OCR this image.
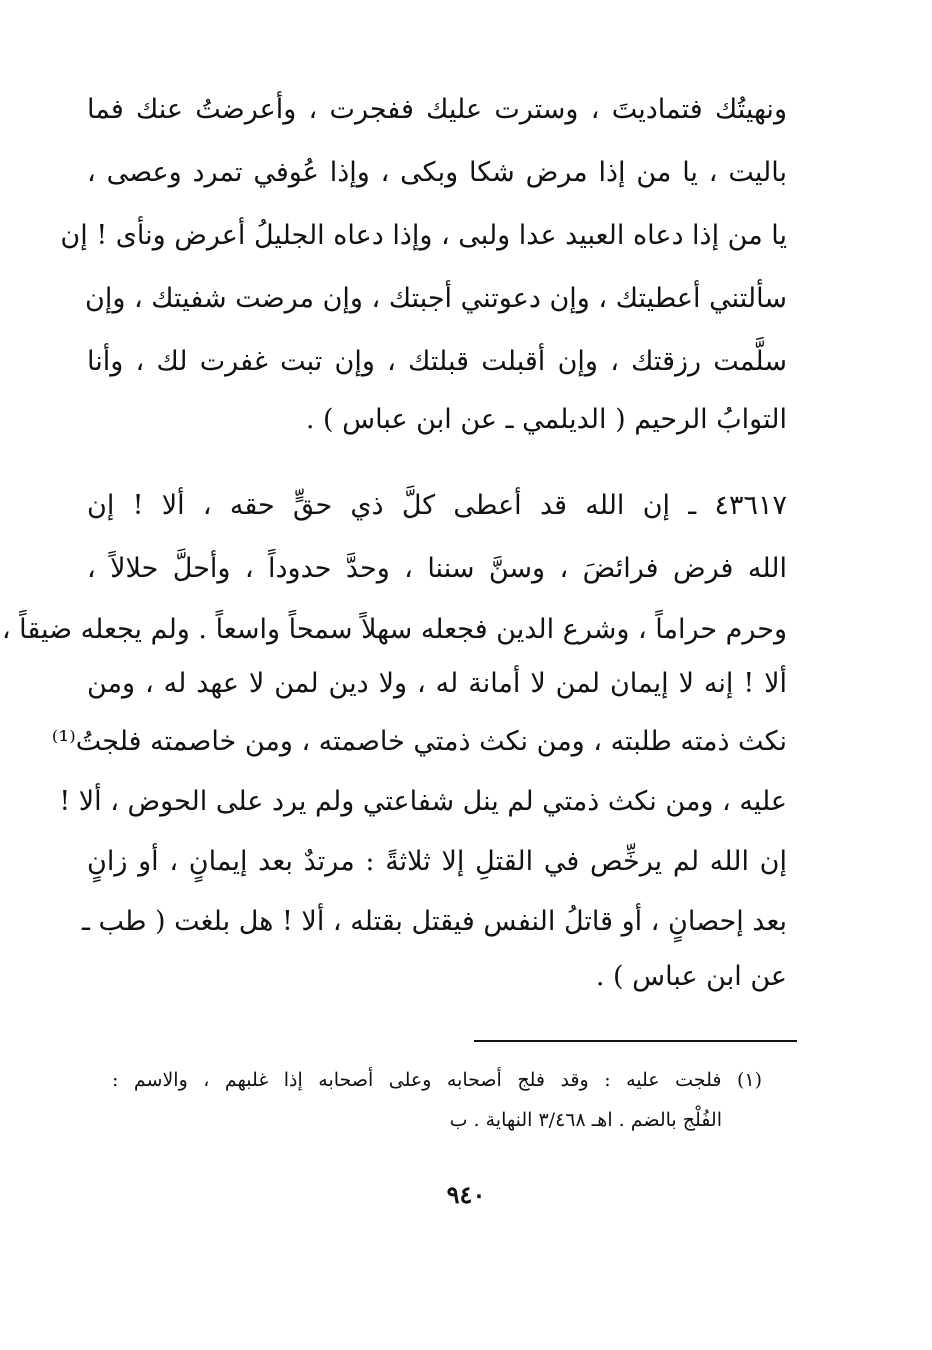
ونهيتُك فتماديتَ ، وسترت عليك ففجرت ، وأعرضتُ عنك فما
باليت ، يا من إذا مرض شكا وبكى ، وإذا عُوفي تمرد وعصى ،
يا من إذا دعاه العبيد عدا ولبى ، وإذا دعاه الجليلُ أعرض ونأى ! إن
سألتني أعطيتك ، وإن دعوتني أجبتك ، وإن مرضت شفيتك ، وإن
سلَّمت رزقتك ، وإن أقبلت قبلتك ، وإن تبت غفرت لك ، وأنا
التوابُ الرحيم ( الديلمي ـ عن ابن عباس ) .
٤٣٦١٧ ـ إن الله قد أعطى كلَّ ذي حقٍّ حقه ، ألا ! إن
الله فرض فرائضَ ، وسنَّ سننا ، وحدَّ حدوداً ، وأحلَّ حلالاً ،
وحرم حراماً ، وشرع الدين فجعله سهلاً سمحاً واسعاً . ولم يجعله ضيقاً ،
ألا ! إنه لا إيمان لمن لا أمانة له ، ولا دين لمن لا عهد له ، ومن
نكث ذمته طلبته ، ومن نكث ذمتي خاصمته ، ومن خاصمته فلجتُ⁽¹⁾
عليه ، ومن نكث ذمتي لم ينل شفاعتي ولم يرد على الحوض ، ألا !
إن الله لم يرخِّص في القتلِ إلا ثلاثةً : مرتدٌ بعد إيمانٍ ، أو زانٍ
بعد إحصانٍ ، أو قاتلُ النفس فيقتل بقتله ، ألا ! هل بلغت ( طب ـ
عن ابن عباس ) .
(١) فلجت عليه : وقد فلج أصحابه وعلى أصحابه إذا غلبهم ، والاسم :
الفُلْج بالضم . اهـ ٣/٤٦٨ النهاية . ب
٩٤٠
